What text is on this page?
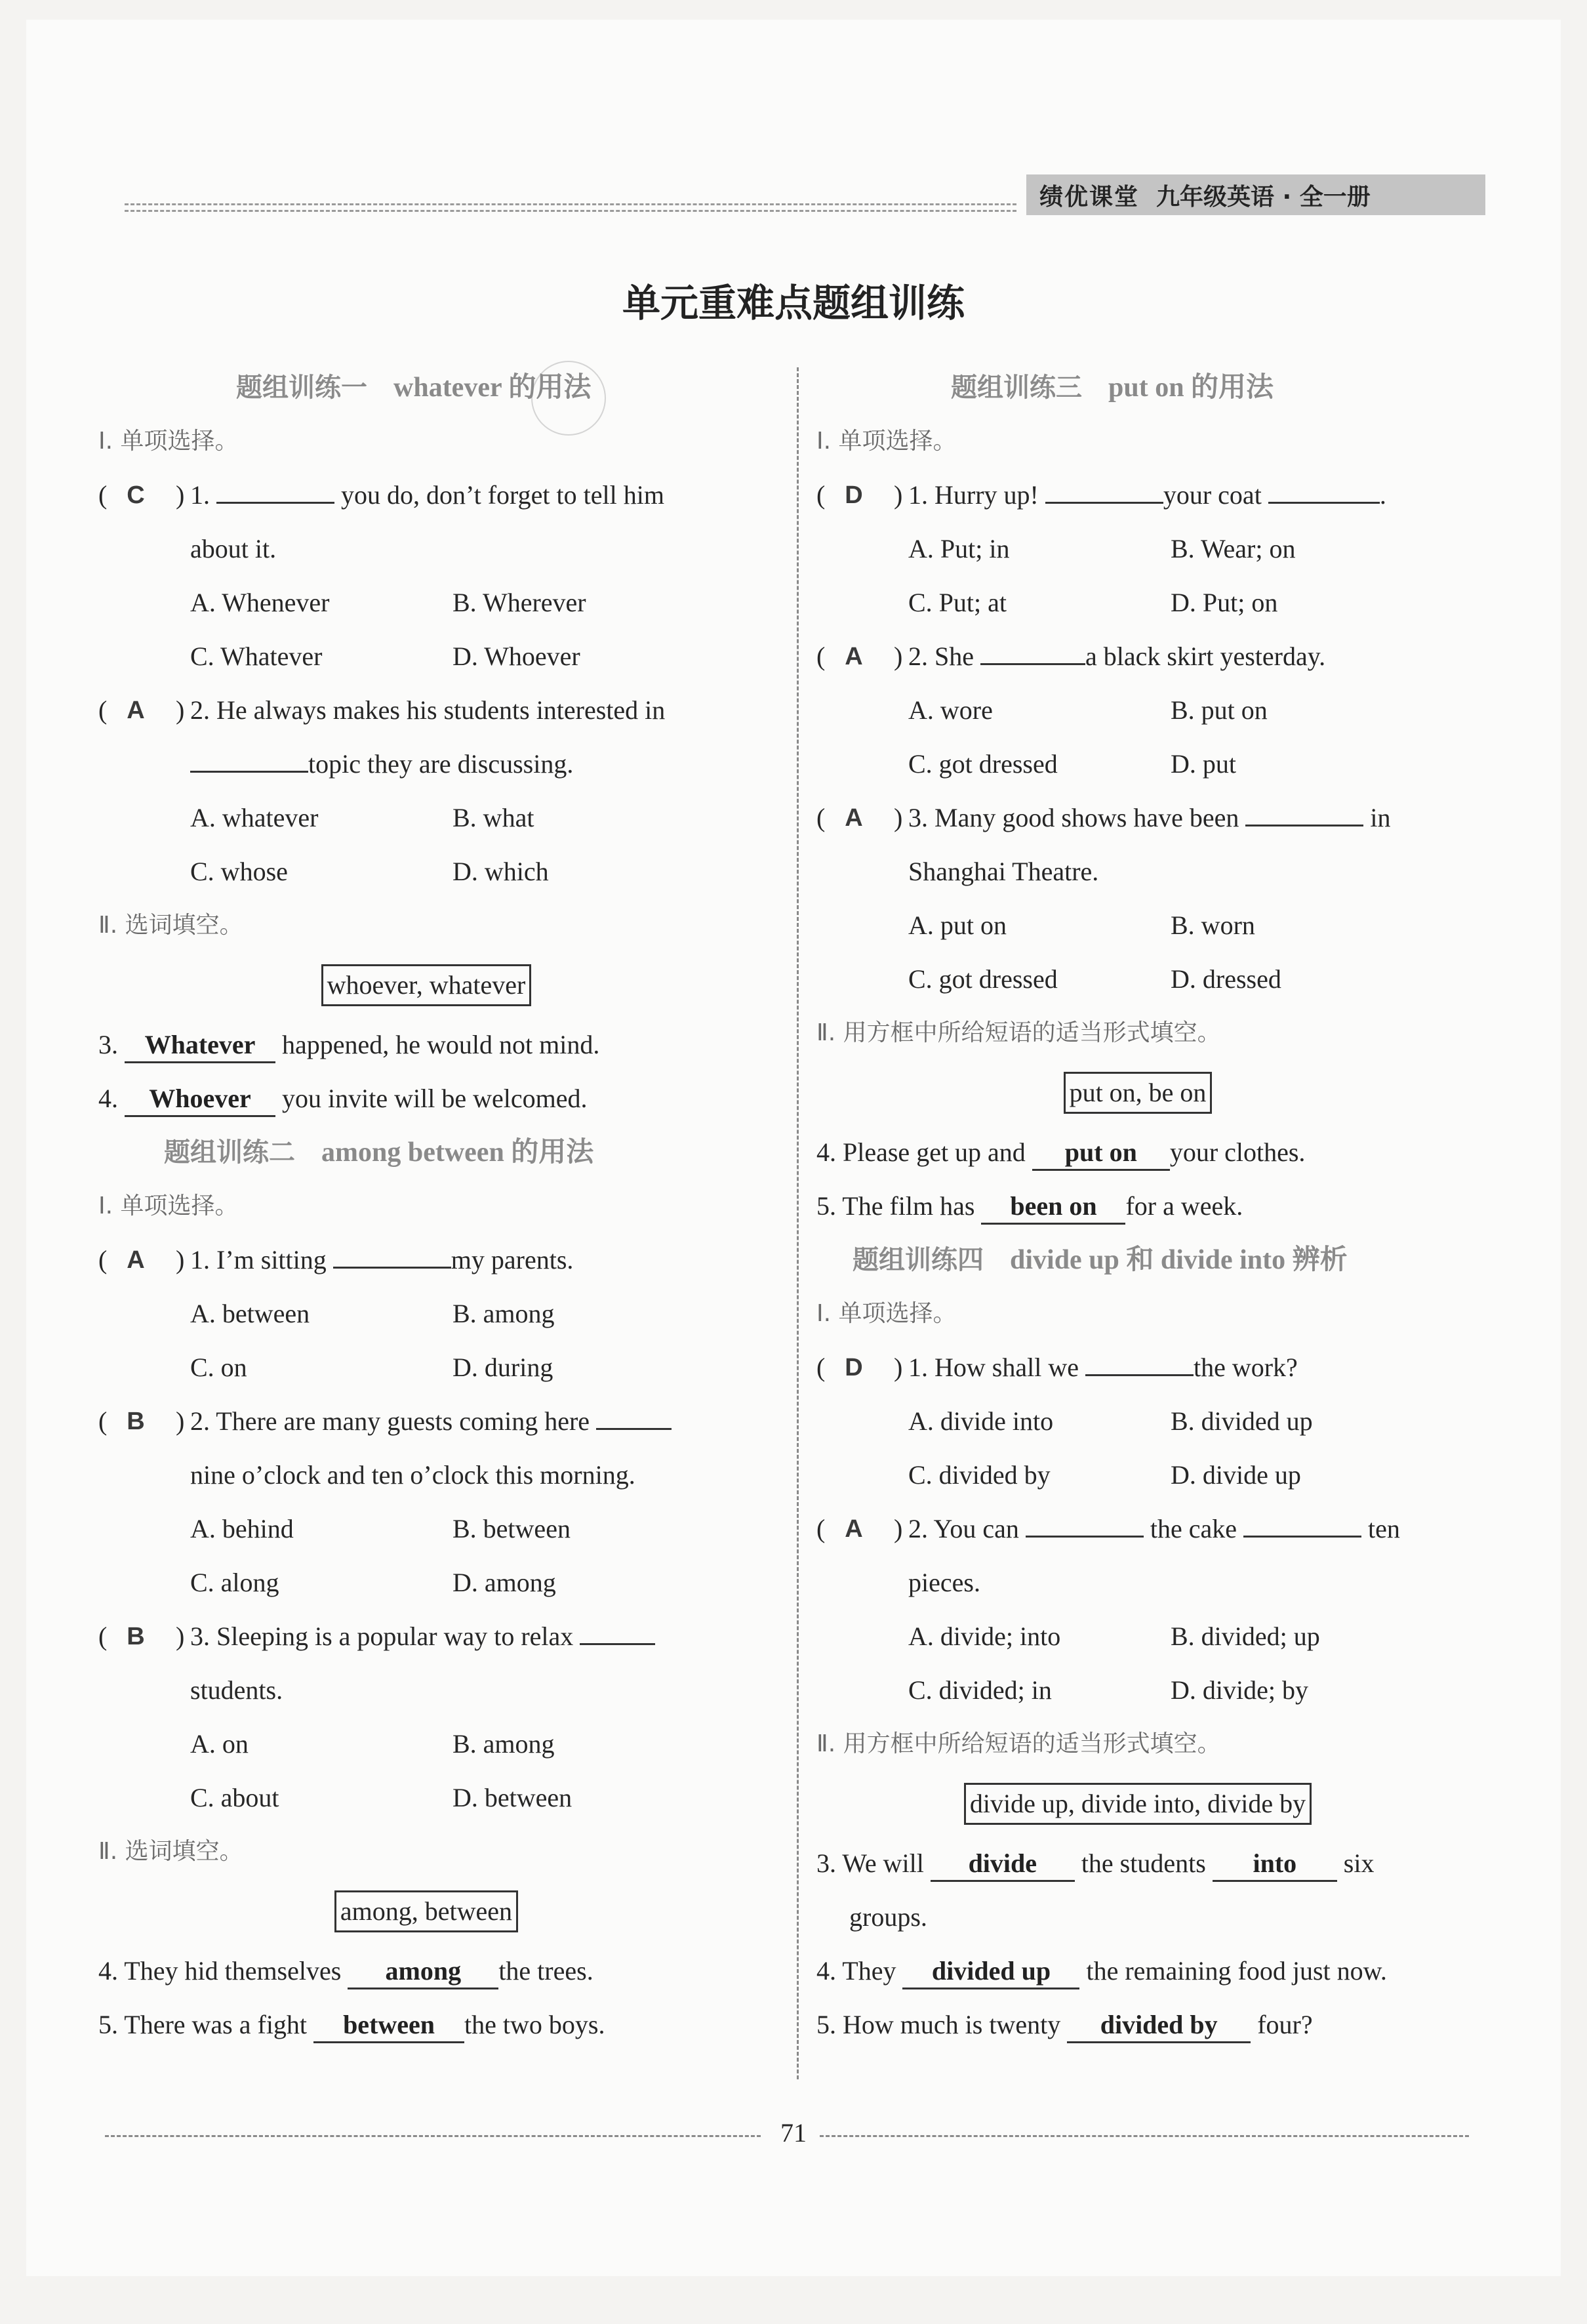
绩优课堂 九年级英语 · 全一册
单元重难点题组训练
题组训练一 whatever 的用法
Ⅰ. 单项选择。
(	)
C	1.	you do, don’t forget to tell him
about it.
A. Whenever	B. Wherever
C. Whatever	D. Whoever
(	)
A	2. He always makes his students interested in
topic they are discussing.
A. whatever	B. what
C. whose	D. which
Ⅱ. 选词填空。
whoever, whatever
3. Whatever happened, he would not mind.
4. Whoever you invite will be welcomed.
题组训练二 among between 的用法
Ⅰ. 单项选择。
(	)
A	1. I’m sitting	my parents.
A. between	B. among
C. on	D. during
(	)
B	2. There are many guests coming here
nine o’clock and ten o’clock this morning.
A. behind	B. between
C. along	D. among
(	)
B	3. Sleeping is a popular way to relax
students.
A. on	B. among
C. about	D. between
Ⅱ. 选词填空。
among, between
4. They hid themselves among the trees.
5. There was a fight between the two boys.
题组训练三 put on 的用法
Ⅰ. 单项选择。
(	)
D	1. Hurry up!	your coat	.
A. Put; in	B. Wear; on
C. Put; at	D. Put; on
(	)
A	2. She	a black skirt yesterday.
A. wore	B. put on
C. got dressed	D. put
(	)
A	3. Many good shows have been	in
Shanghai Theatre.
A. put on	B. worn
C. got dressed	D. dressed
Ⅱ. 用方框中所给短语的适当形式填空。
put on, be on
4. Please get up and put on your clothes.
5. The film has been on for a week.
题组训练四 divide up 和 divide into 辨析
Ⅰ. 单项选择。
(	)
D	1. How shall we	the work?
A. divide into	B. divided up
C. divided by	D. divide up
(	)
A	2. You can	the cake	ten
pieces.
A. divide; into	B. divided; up
C. divided; in	D. divide; by
Ⅱ. 用方框中所给短语的适当形式填空。
divide up, divide into, divide by
3. We will divide the students into six
groups.
4. They divided up the remaining food just now.
5. How much is twenty divided by four?
71
